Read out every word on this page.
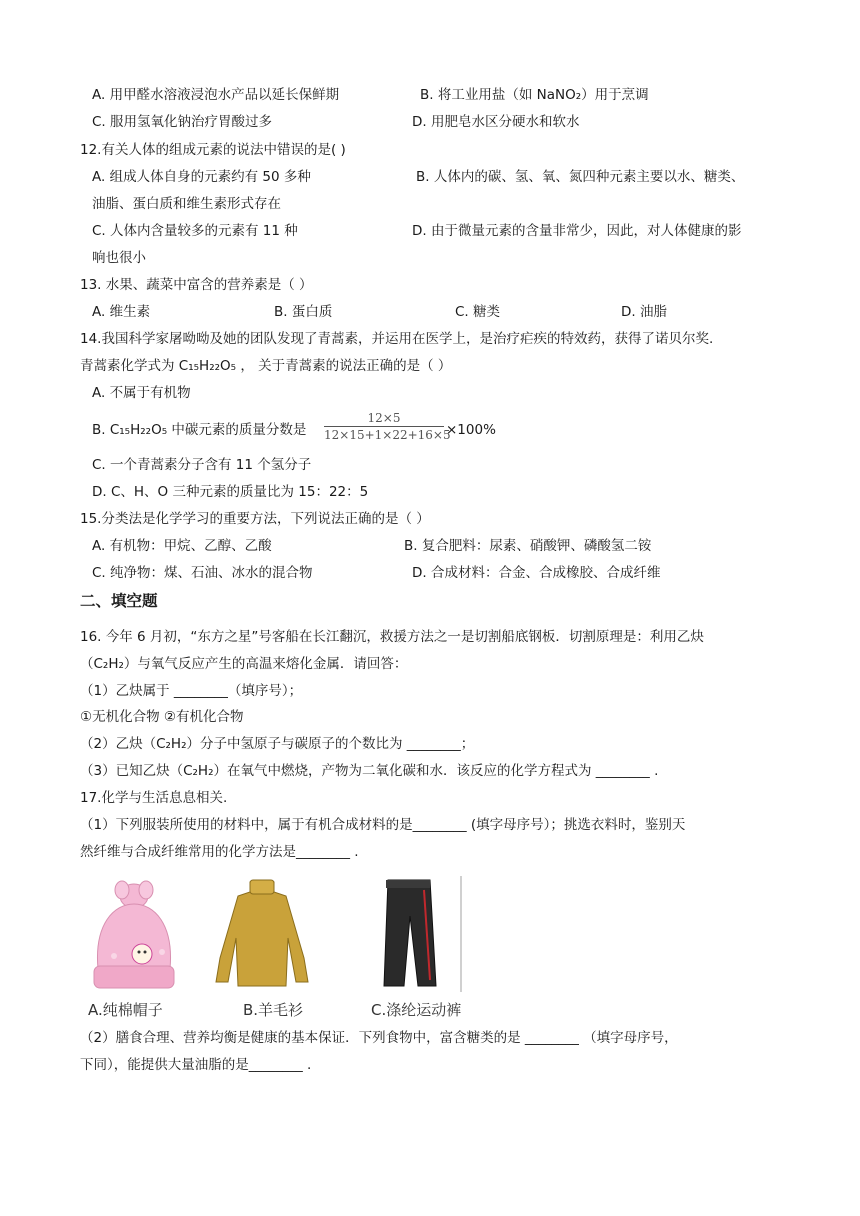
A. 用甲醛水溶液浸泡水产品以延长保鲜期	B. 将工业用盐（如 NaNO₂）用于烹调
C. 服用氢氧化钠治疗胃酸过多	D. 用肥皂水区分硬水和软水
12.有关人体的组成元素的说法中错误的是( )
A. 组成人体自身的元素约有 50 多种	B. 人体内的碳、氢、氧、氮四种元素主要以水、糖类、
油脂、蛋白质和维生素形式存在
C. 人体内含量较多的元素有 11 种	D. 由于微量元素的含量非常少，因此，对人体健康的影
响也很小
13. 水果、蔬菜中富含的营养素是（ ）
A. 维生素	B. 蛋白质	C. 糖类	D. 油脂
14.我国科学家屠呦呦及她的团队发现了青蒿素，并运用在医学上，是治疗疟疾的特效药，获得了诺贝尔奖.
青蒿素化学式为 C₁₅H₂₂O₅ ， 关于青蒿素的说法正确的是（ ）
A. 不属于有机物
B. C₁₅H₂₂O₅ 中碳元素的质量分数是
12×5
12×15+1×22+16×5
×100%
C. 一个青蒿素分子含有 11 个氢分子
D. C、H、O 三种元素的质量比为 15：22：5
15.分类法是化学学习的重要方法，下列说法正确的是（ ）
A. 有机物：甲烷、乙醇、乙酸	B. 复合肥料：尿素、硝酸钾、磷酸氢二铵
C. 纯净物：煤、石油、冰水的混合物	D. 合成材料：合金、合成橡胶、合成纤维
二、填空题
16. 今年 6 月初，“东方之星”号客船在长江翻沉，救援方法之一是切割船底钢板．切割原理是：利用乙炔
（C₂H₂）与氧气反应产生的高温来熔化金属．请回答：
（1）乙炔属于 ________（填序号）；
①无机化合物 ②有机化合物
（2）乙炔（C₂H₂）分子中氢原子与碳原子的个数比为 ________；
（3）已知乙炔（C₂H₂）在氧气中燃烧，产物为二氧化碳和水．该反应的化学方程式为 ________ .
17.化学与生活息息相关.
（1）下列服装所使用的材料中，属于有机合成材料的是________ (填字母序号）；挑选衣料时，鉴别天
然纤维与合成纤维常用的化学方法是________ .
A.纯棉帽子	B.羊毛衫	C.涤纶运动裤
（2）膳食合理、营养均衡是健康的基本保证．下列食物中，富含糖类的是 ________ （填字母序号，
下同），能提供大量油脂的是________ .
